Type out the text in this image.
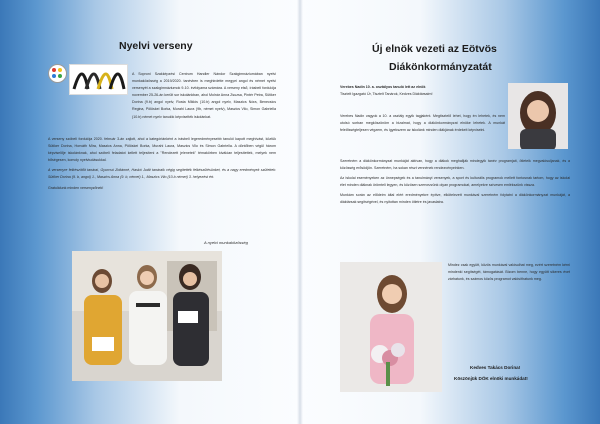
Nyelvi verseny

A Soproni Szakképzési Centrum Handler Nándor Szakgimnáziumában nyelvi munkaközösség a 2019/2020. tanévben is meghirdette megyei angol és német nyelvi versenyét a szakgimnáziumok 9-10. évfolyama számára. A verseny első, írásbeli fordulója november 25-26-án került sor iskolánkban, ahol Molnár Anna Zsuzsa, Pintér Petra, Sütiker Dorina (9.b) angol nyelv, Rosta Miklós (10.b) angol nyelv, Maszics Nóra, Benecsics Regina, Pölöskei Borka, Murahi Laura (9b, német nyelv), Maszics Vilo, Simon Gabriella (10.b) német nyelv tanulók képviselték iskolánkat.

A verseny szóbeli fordulója 2020. február 3-án zajlott, ahol a kategóriánként a írásbeli legeredményesebb tanulói kapott meghívást, köztük Sütiker Dorina, Horváth Mira, Maszics Anna, Pölöskei Borka, Murahi Laura, Maszics Vilo és Simon Gabriella. A döntőben végül három képviselője iskolánknak, ahol szóbeli feladatot kellett teljesíteni a "Rendezett jelenetek" témakörben kiválóan teljesítettek, melyek nem bőségesen, komoly nyelvtudásukkal.

A versenyre felkészítőit tanárai, Gyurcsó Zoltánné, Haskó Judit tanáraik végig segítették felkészülésünket, és a nagy eredmények születtek: Sütiker Dorina (9. b, angol) 1., Maszics Anna (9. b, német) 1., Maszics Vilo (10.b német) 3. helyezést ért.

Gratulálunk minden versenyzőnek!

A nyelvi munkaközösség
Új elnök vezeti az Eötvös
Diákönkormányzatát
Verebes Nadin 10. a. osztályos tanuló lett az elnök
Tisztelt Igazgató Úr, Tisztelt Tanárok, Kedves Diáktársaim!

Verebes Nadin vagyok a 10. a osztály egyik tagjaként. Megtisztelő lehet, hogy én lehetek, és nem utolsó sorban megköszönöm a bizalmat, hogy a diákönkormányzat elnöke lehetek. A munkát felelősségteljesen végzem, és igyekszem az iskolánk minden diákjának érdekeit képviselni.

Szeretném a diákönkormányzat munkáját aktívan, hogy a diákok meghallják mindegyik tanév programjait, ötleteik megvalósuljanak, és a közösség erősödjön. Szeretném, ha sokan részt vennének rendezvényeinken.

Az iskolai eseményeken az ünnepségek és a tanulmányi versenyek, a sport és kulturális programok mellett fontosnak tartom, hogy az iskolai élet minden diáknak örömteli legyen, és közösen szervezzünk olyan programokat, amelyekre szívesen emlékszünk vissza.

Munkám során az elődeim által elért eredményekre építve, elkötelezett munkával szeretném folytatni a diákönkormányzat munkáját, a diáktársak segítségével, és nyitottan minden ötletre és javaslatra.

Mindez csak együtt, közös munkával valósulhat meg, ezért szeretném kérni mindenki segítségét, támogatását. Bízom benne, hogy együtt sikeres évet zárhatunk, és számos közös programot valósíthatunk meg.

Kedves Takács Dorina!
Köszönjük DÖK elnöki munkádat!
